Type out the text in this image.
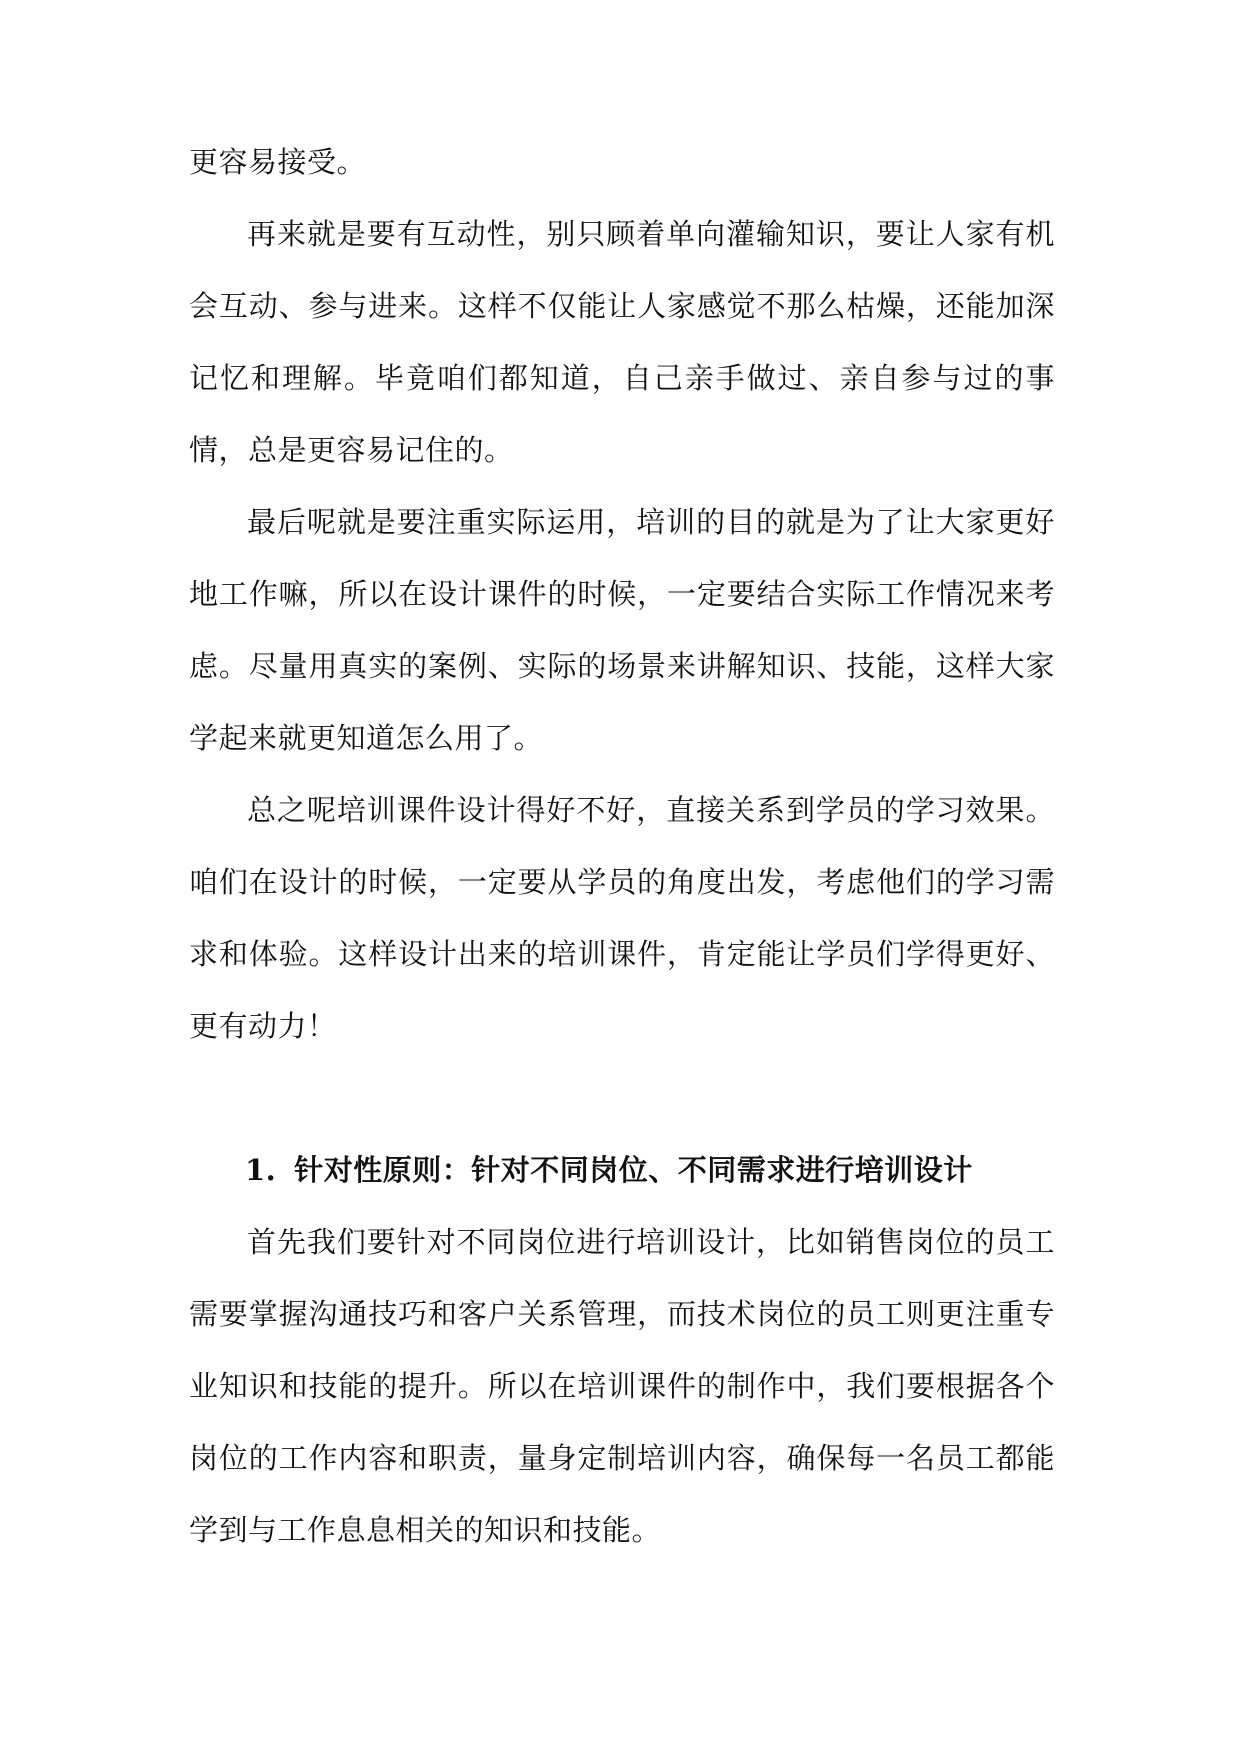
更容易接受。

再来就是要有互动性，别只顾着单向灌输知识，要让人家有机会互动、参与进来。这样不仅能让人家感觉不那么枯燥，还能加深记忆和理解。毕竟咱们都知道，自己亲手做过、亲自参与过的事情，总是更容易记住的。

最后呢就是要注重实际运用，培训的目的就是为了让大家更好地工作嘛，所以在设计课件的时候，一定要结合实际工作情况来考虑。尽量用真实的案例、实际的场景来讲解知识、技能，这样大家学起来就更知道怎么用了。

总之呢培训课件设计得好不好，直接关系到学员的学习效果。咱们在设计的时候，一定要从学员的角度出发，考虑他们的学习需求和体验。这样设计出来的培训课件，肯定能让学员们学得更好、更有动力！

1. 针对性原则：针对不同岗位、不同需求进行培训设计

首先我们要针对不同岗位进行培训设计，比如销售岗位的员工需要掌握沟通技巧和客户关系管理，而技术岗位的员工则更注重专业知识和技能的提升。所以在培训课件的制作中，我们要根据各个岗位的工作内容和职责，量身定制培训内容，确保每一名员工都能学到与工作息息相关的知识和技能。
